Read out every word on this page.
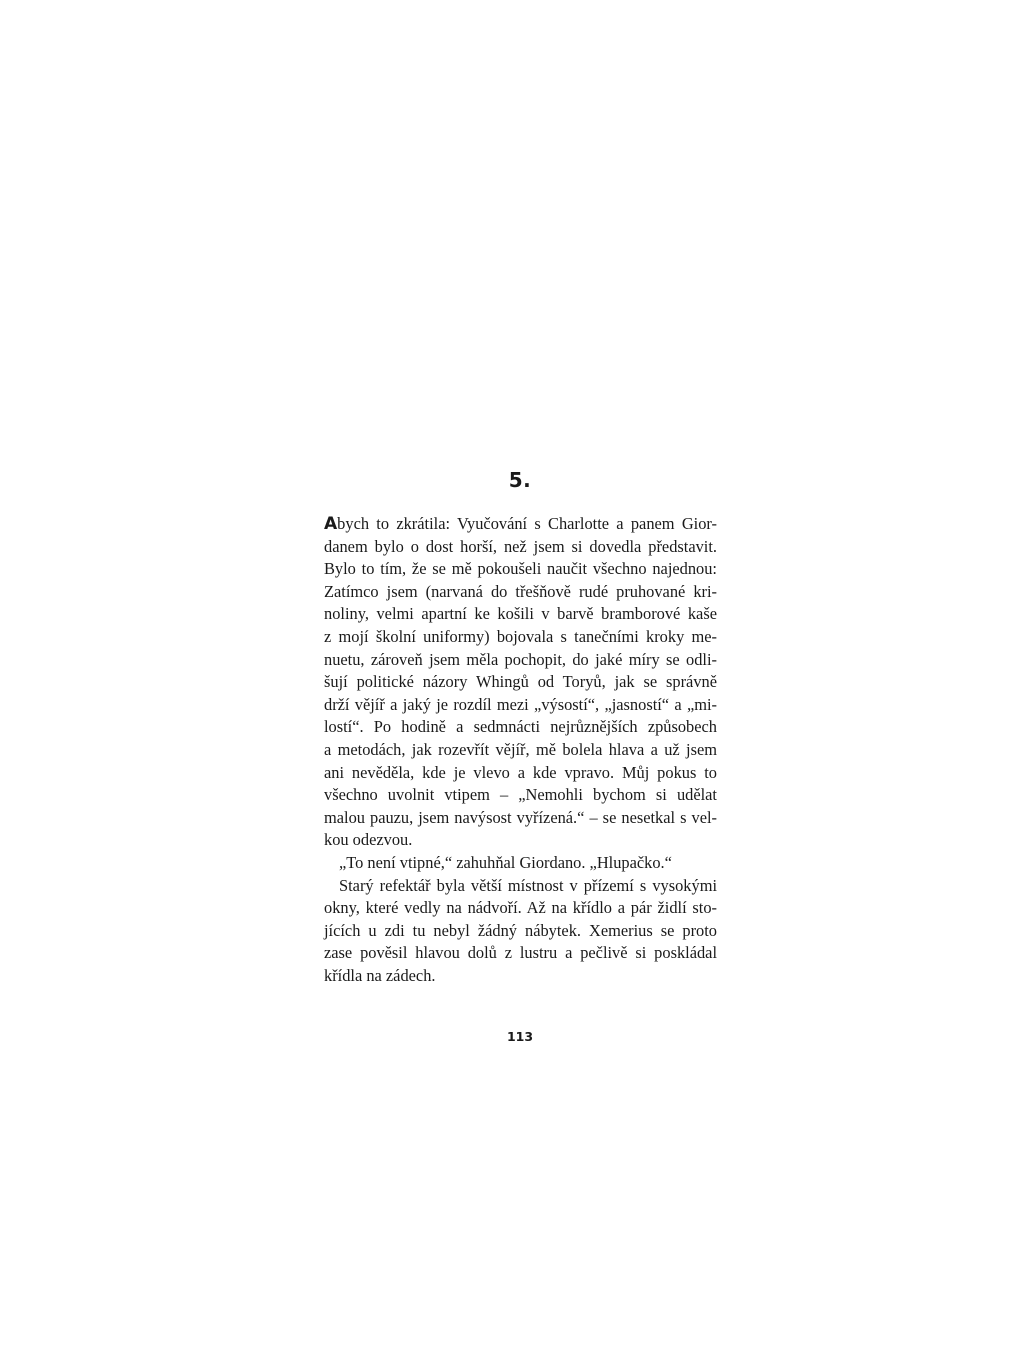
5.
Abych to zkrátila: Vyučování s Charlotte a panem Gior-
danem bylo o dost horší, než jsem si dovedla představit.
Bylo to tím, že se mě pokoušeli naučit všechno najednou:
Zatímco jsem (narvaná do třešňově rudé pruhované kri-
noliny, velmi apartní ke košili v barvě bramborové kaše
z mojí školní uniformy) bojovala s tanečními kroky me-
nuetu, zároveň jsem měla pochopit, do jaké míry se odli-
šují politické názory Whingů od Toryů, jak se správně
drží vějíř a jaký je rozdíl mezi „výsostí“, „jasností“ a „mi-
lostí“. Po hodině a sedmnácti nejrůznějších způsobech
a metodách, jak rozevřít vějíř, mě bolela hlava a už jsem
ani nevěděla, kde je vlevo a kde vpravo. Můj pokus to
všechno uvolnit vtipem – „Nemohli bychom si udělat
malou pauzu, jsem navýsost vyřízená.“ – se nesetkal s vel-
kou odezvou.
„To není vtipné,“ zahuhňal Giordano. „Hlupačko.“
Starý refektář byla větší místnost v přízemí s vysokými
okny, které vedly na nádvoří. Až na křídlo a pár židlí sto-
jících u zdi tu nebyl žádný nábytek. Xemerius se proto
zase pověsil hlavou dolů z lustru a pečlivě si poskládal
křídla na zádech.
113
